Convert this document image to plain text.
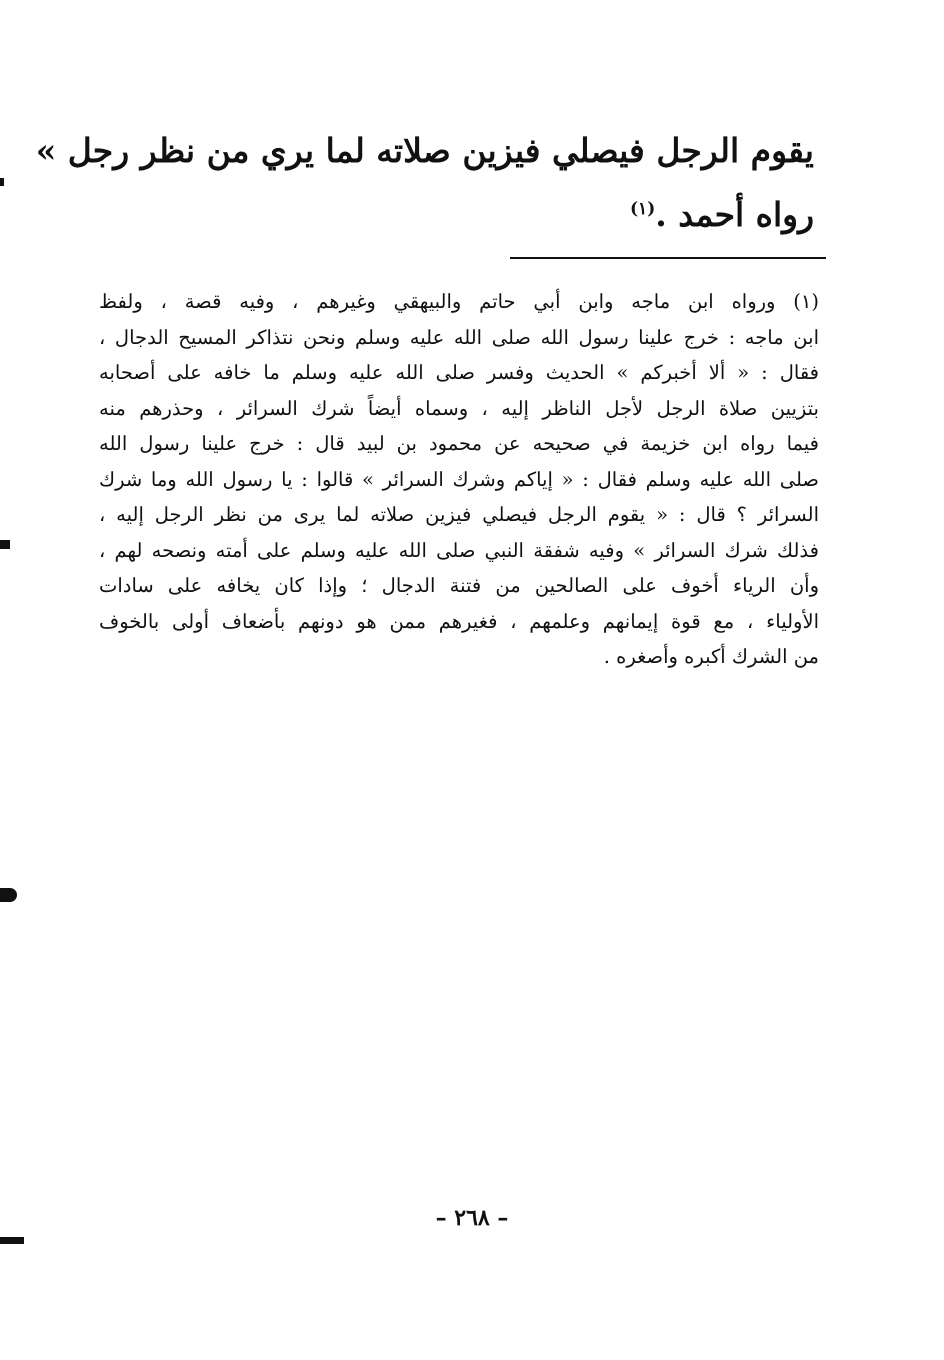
يقوم الرجل فيصلي فيزين صلاته لما يري من نظر رجل »
رواه أحمد .$^{(١)}$
(١) ورواه ابن ماجه وابن أبي حاتم والبيهقي وغيرهم ، وفيه قصة ، ولفظ
ابن ماجه : خرج علينا رسول الله صلى الله عليه وسلم ونحن نتذاكر المسيح الدجال ،
فقال : « ألا أخبركم » الحديث وفسر صلى الله عليه وسلم ما خافه على أصحابه
بتزيين صلاة الرجل لأجل الناظر إليه ، وسماه أيضاً شرك السرائر ، وحذرهم منه
فيما رواه ابن خزيمة في صحيحه عن محمود بن لبيد قال : خرج علينا رسول الله
صلى الله عليه وسلم فقال : « إياكم وشرك السرائر » قالوا : يا رسول الله وما شرك
السرائر ؟ قال : « يقوم الرجل فيصلي فيزين صلاته لما يرى من نظر الرجل إليه ،
فذلك شرك السرائر » وفيه شفقة النبي صلى الله عليه وسلم على أمته ونصحه لهم ،
وأن الرياء أخوف على الصالحين من فتنة الدجال ؛ وإذا كان يخافه على سادات
الأولياء ، مع قوة إيمانهم وعلمهم ، فغيرهم ممن هو دونهم بأضعاف أولى بالخوف
من الشرك أكبره وأصغره .
– ٢٦٨ –
